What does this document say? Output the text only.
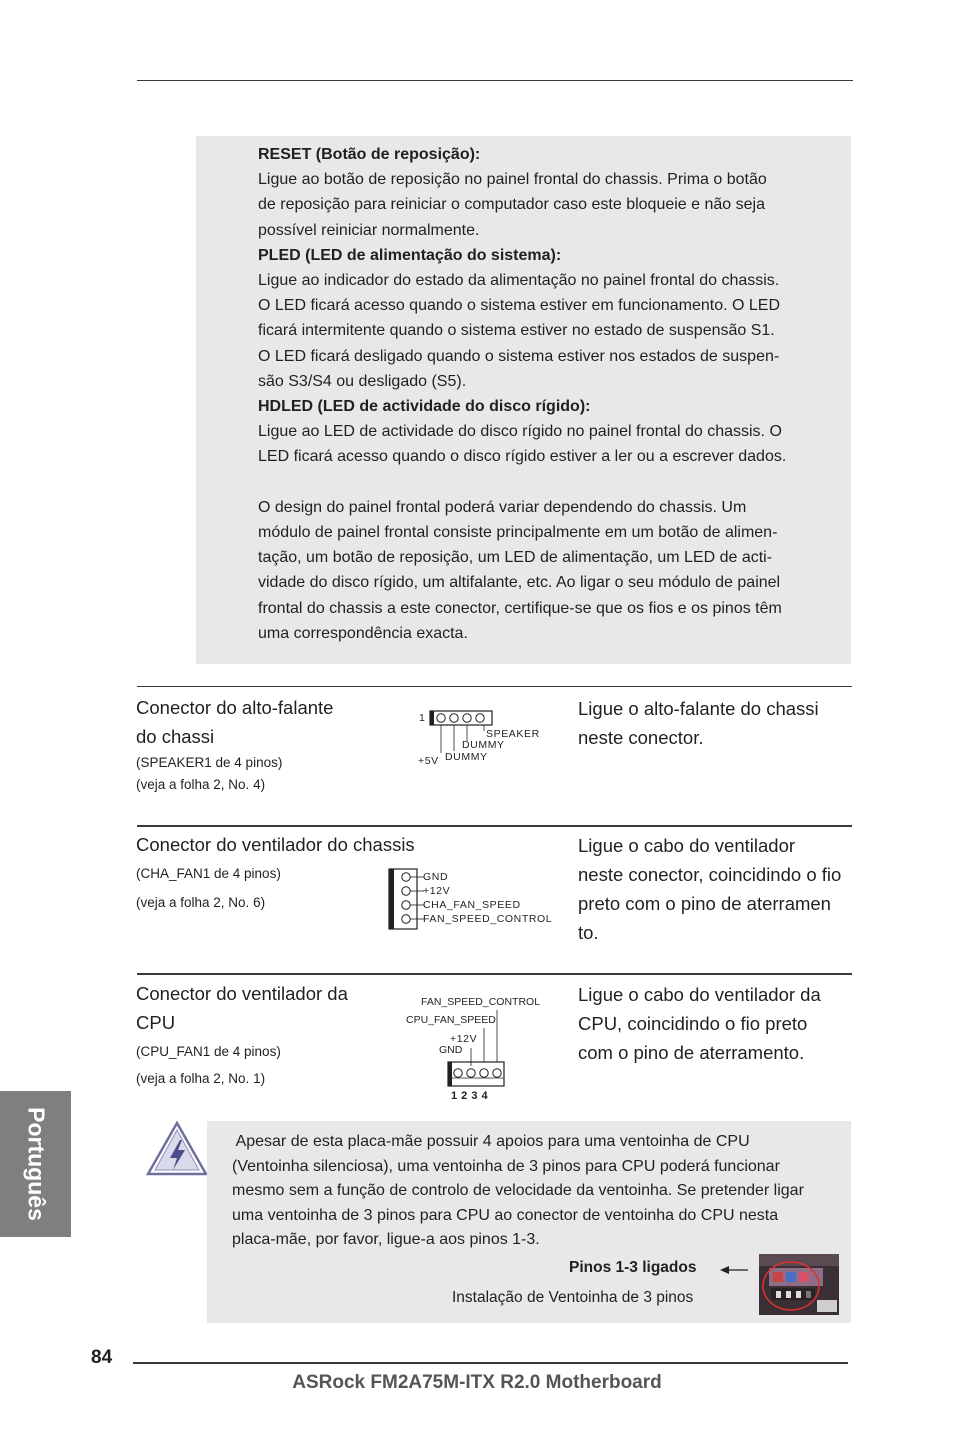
RESET (Botão de reposição):

Ligue ao botão de reposição no painel frontal do chassis. Prima o botão

de reposição para reiniciar o computador caso este bloqueie e não seja

possível reiniciar normalmente.

PLED (LED de alimentação do sistema):

Ligue ao indicador do estado da alimentação no painel frontal do chassis.

O LED ficará acesso quando o sistema estiver em funcionamento. O LED

ficará intermitente quando o sistema estiver no estado de suspensão S1.

O LED ficará desligado quando o sistema estiver nos estados de suspen-

são S3/S4 ou desligado (S5).

HDLED (LED de actividade do disco rígido):

Ligue ao LED de actividade do disco rígido no painel frontal do chassis. O

LED ficará acesso quando o disco rígido estiver a ler ou a escrever dados.

O design do painel frontal poderá variar dependendo do chassis. Um

módulo de painel frontal consiste principalmente em um botão de alimen-

tação, um botão de reposição, um LED de alimentação, um LED de acti-

vidade do disco rígido, um altifalante, etc. Ao ligar o seu módulo de painel

frontal do chassis a este conector, certifique-se que os fios e os pinos têm

uma correspondência exacta.

Conector do alto-falante
do chassi
(SPEAKER1 de 4 pinos)
(veja a folha 2, No. 4)
Ligue o alto-falante do chassi
neste conector.
1
SPEAKER
DUMMY
+5V DUMMY
Conector do ventilador do chassis
(CHA_FAN1 de 4 pinos)
(veja a folha 2, No. 6)
Ligue o cabo do ventilador
neste conector, coincidindo o fio
preto com o pino de aterramen
to.
GND
+12V
CHA_FAN_SPEED
FAN_SPEED_CONTROL
Conector do ventilador da
CPU
(CPU_FAN1 de 4 pinos)
(veja a folha 2, No. 1)
Ligue o cabo do ventilador da
CPU, coincidindo o fio preto
com o pino de aterramento.
FAN_SPEED_CONTROL
CPU_FAN_SPEED
+12V
GND
1 2 3 4

Apesar de esta placa-mãe possuir 4 apoios para uma ventoinha de CPU

(Ventoinha silenciosa), uma ventoinha de 3 pinos para CPU poderá funcionar

mesmo sem a função de controlo de velocidade da ventoinha. Se pretender ligar

uma ventoinha de 3 pinos para CPU ao conector de ventoinha do CPU nesta

placa-mãe, por favor, ligue-a aos pinos 1-3.

Pinos 1-3 ligados
Instalação de Ventoinha de 3 pinos
Português
84
ASRock FM2A75M-ITX R2.0 Motherboard
